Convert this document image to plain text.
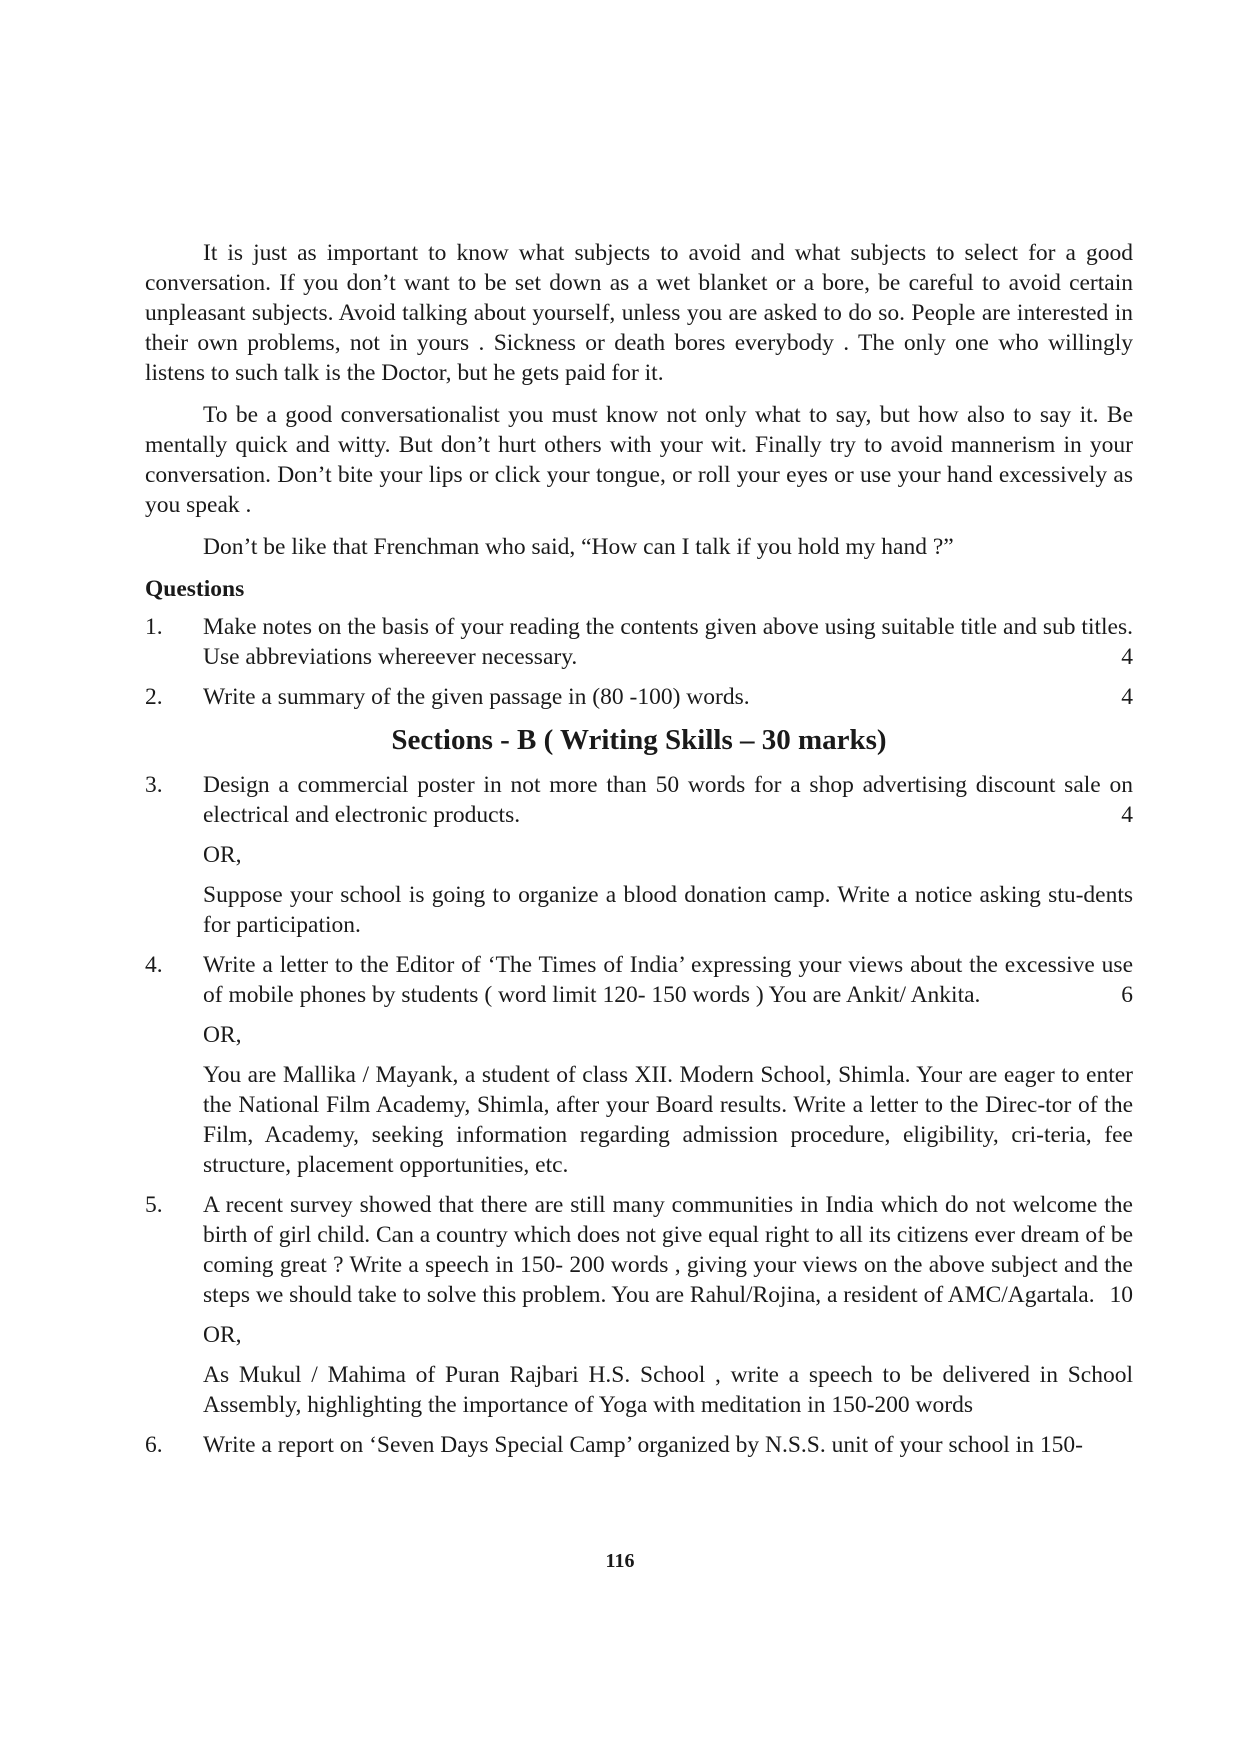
It is just as important to know what subjects to avoid and what subjects to select for a good conversation. If you don’t want to be set down as a wet blanket or a bore, be careful to avoid certain unpleasant subjects. Avoid talking about yourself, unless you are asked to do so. People are interested in their own problems, not in yours . Sickness or death bores everybody . The only one who willingly listens to such talk is the Doctor, but he gets paid for it.

To be a good conversationalist you must know not only what to say, but how also to say it. Be mentally quick and witty. But don’t hurt others with your wit. Finally try to avoid mannerism in your conversation. Don’t bite your lips or click your tongue, or roll your eyes or use your hand excessively as you speak .

Don’t be like that Frenchman who said, “How can I talk if you hold my hand ?”

Questions
1.	Make notes on the basis of your reading the contents given above using suitable title and sub titles. Use abbreviations whereever necessary.	4

2.	Write a summary of the given passage in (80 -100) words.	4

Sections - B ( Writing Skills – 30 marks)
3.	Design a commercial poster in not more than 50 words for a shop advertising discount sale on electrical and electronic products.	4

OR,

Suppose your school is going to organize a blood donation camp. Write a notice asking stu-dents for participation.

4.	Write a letter to the Editor of ‘The Times of India’ expressing your views about the excessive use of mobile phones by students ( word limit 120- 150 words ) You are Ankit/ Ankita.	6

OR,

You are Mallika / Mayank, a student of class XII. Modern School, Shimla. Your are eager to enter the National Film Academy, Shimla, after your Board results. Write a letter to the Direc-tor of the Film, Academy, seeking information regarding admission procedure, eligibility, cri-teria, fee structure, placement opportunities, etc.

5.	A recent survey showed that there are still many communities in India which do not welcome the birth of girl child. Can a country which does not give equal right to all its citizens ever dream of be coming great ? Write a speech in 150- 200 words , giving your views on the above subject and the steps we should take to solve this problem. You are Rahul/Rojina, a resident of AMC/Agartala. 10

OR,

As Mukul / Mahima of Puran Rajbari H.S. School , write a speech to be delivered in School Assembly, highlighting the importance of Yoga with meditation in 150-200 words

6.	Write a report on ‘Seven Days Special Camp’ organized by N.S.S. unit of your school in 150-

116
